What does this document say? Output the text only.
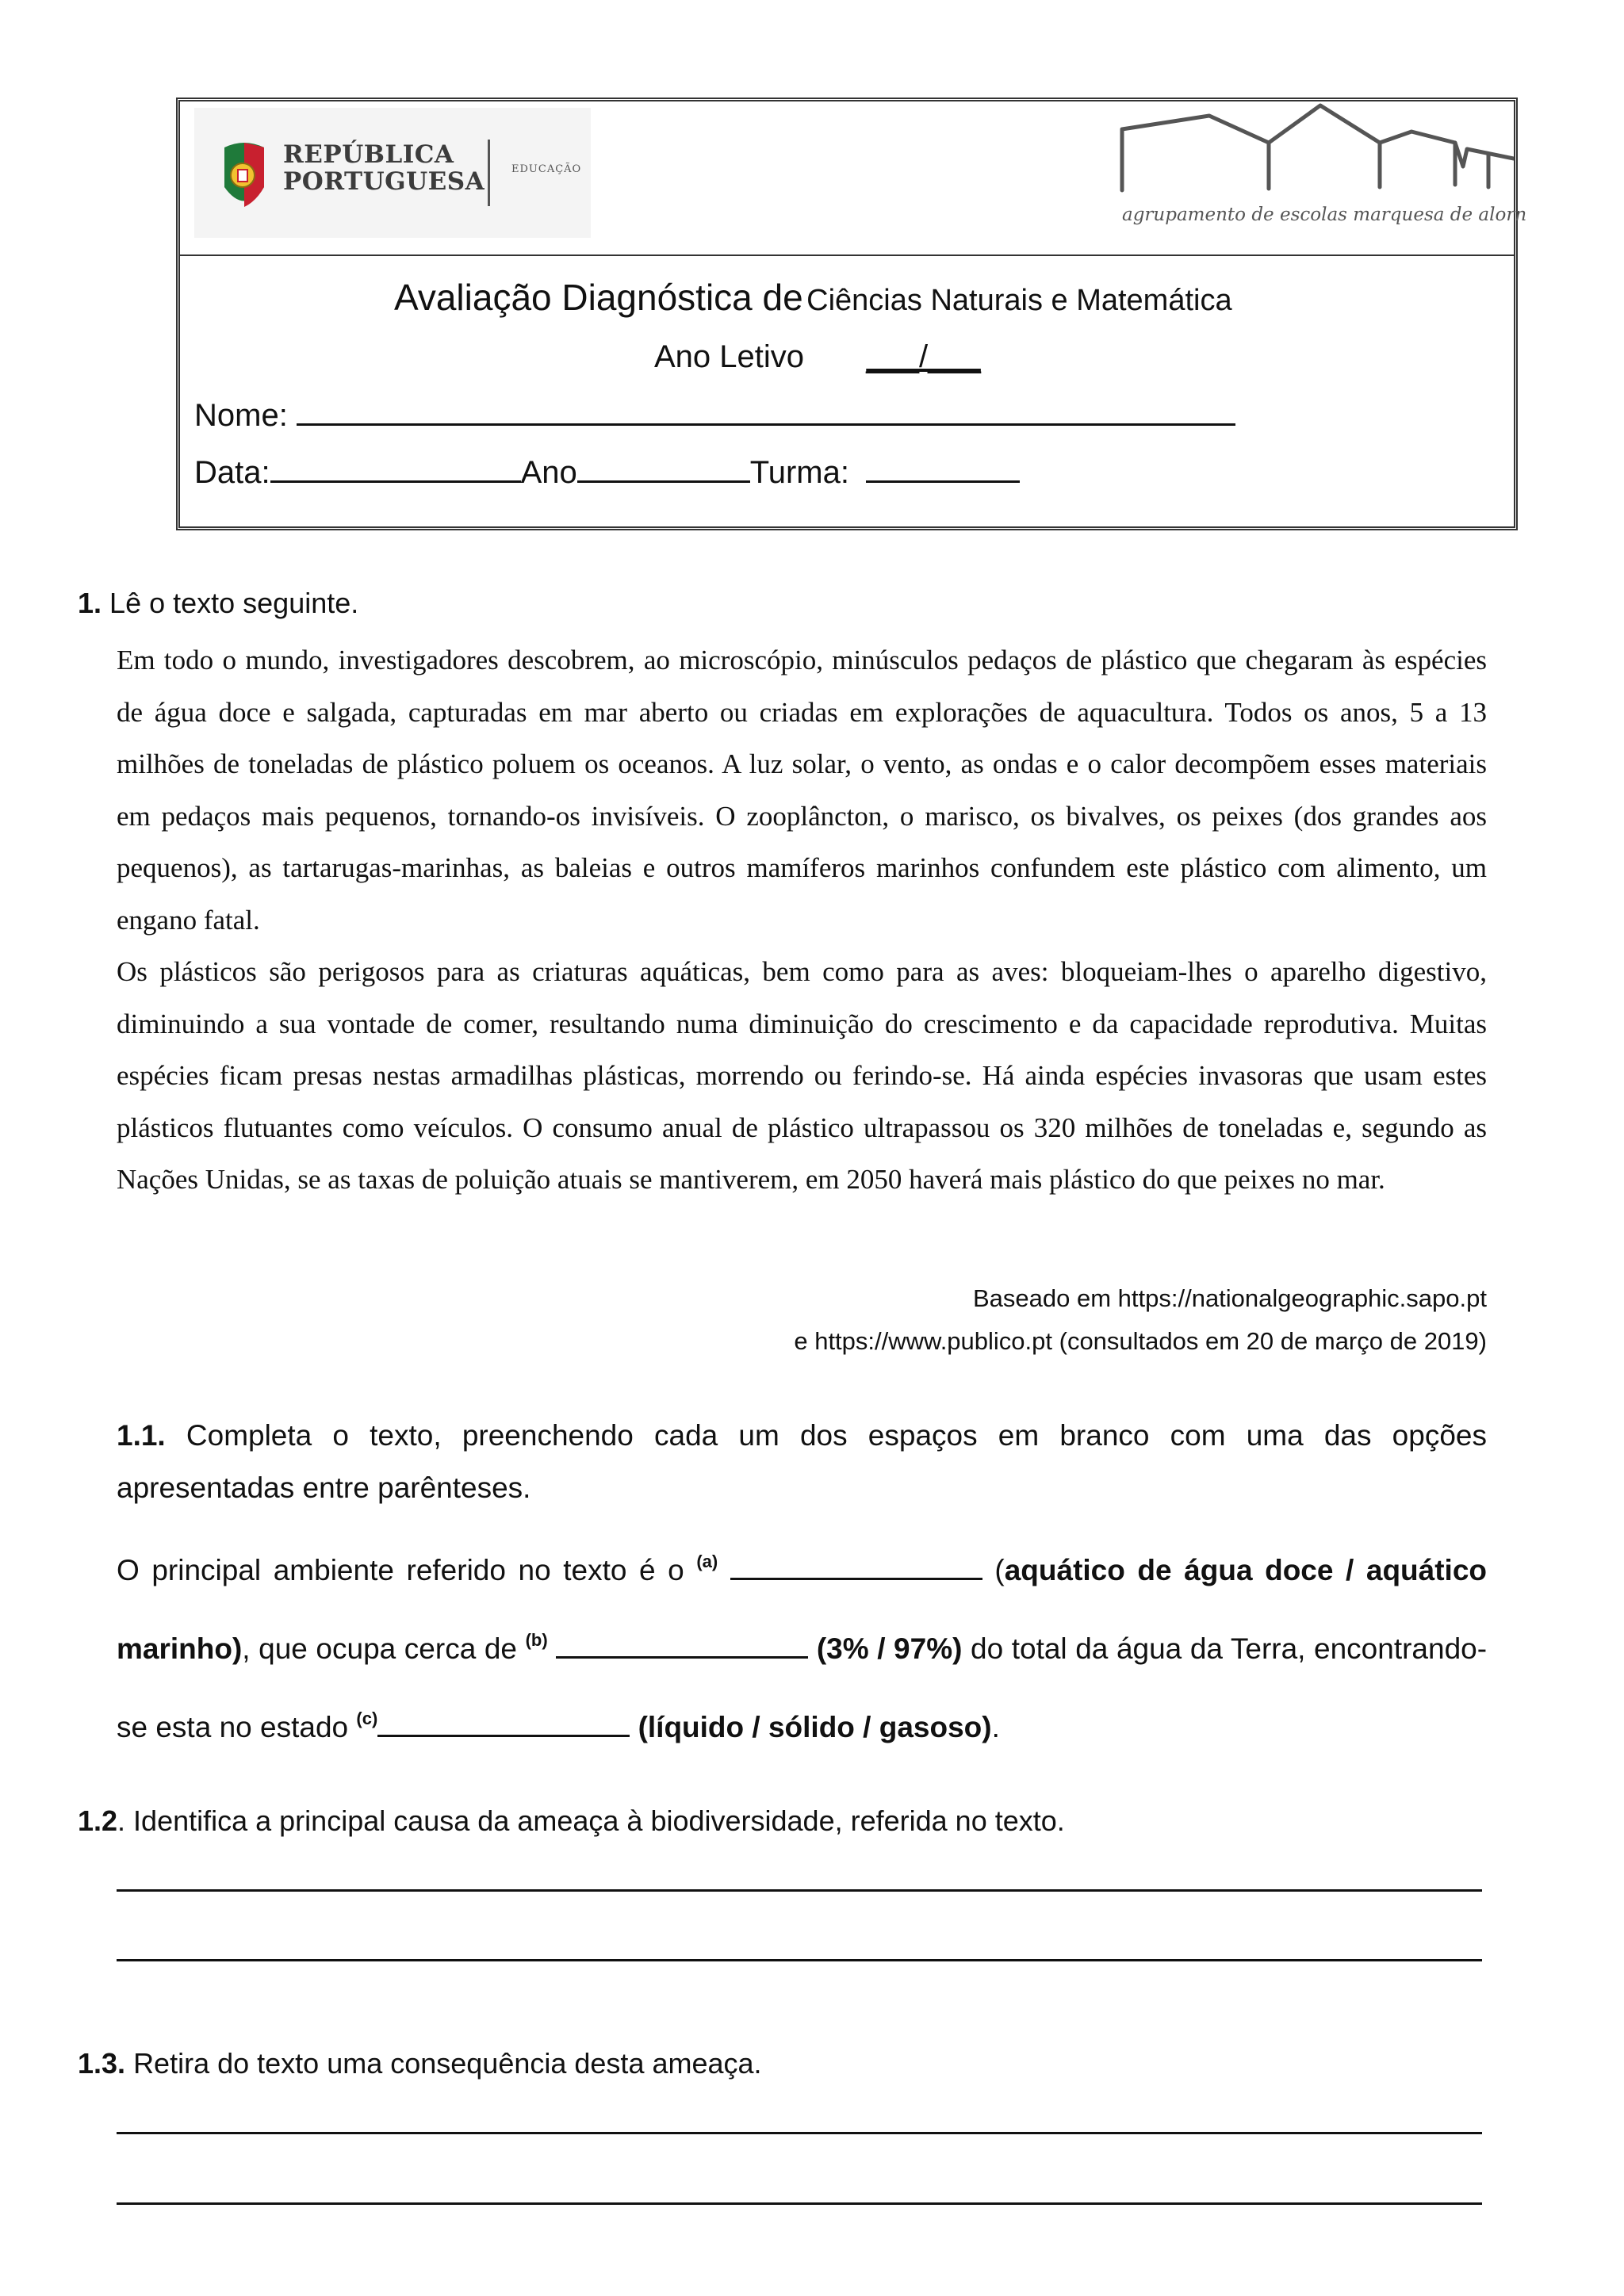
REPÚBLICA
PORTUGUESA	EDUCAÇÃO
agrupamento de escolas marquesa de alorn
Avaliação Diagnóstica de Ciências Naturais e Matemática
Ano Letivo ___/___
Nome:
Data:	Ano	Turma:
1. Lê o texto seguinte.

Em todo o mundo, investigadores descobrem, ao microscópio, minúsculos pedaços de plástico que chegaram às espécies de água doce e salgada, capturadas em mar aberto ou criadas em explorações de aquacultura. Todos os anos, 5 a 13 milhões de toneladas de plástico poluem os oceanos. A luz solar, o vento, as ondas e o calor decompõem esses materiais em pedaços mais pequenos, tornando-os invisíveis. O zooplâncton, o marisco, os bivalves, os peixes (dos grandes aos pequenos), as tartarugas-marinhas, as baleias e outros mamíferos marinhos confundem este plástico com alimento, um engano fatal.

Os plásticos são perigosos para as criaturas aquáticas, bem como para as aves: bloqueiam-lhes o aparelho digestivo, diminuindo a sua vontade de comer, resultando numa diminuição do crescimento e da capacidade reprodutiva. Muitas espécies ficam presas nestas armadilhas plásticas, morrendo ou ferindo-se. Há ainda espécies invasoras que usam estes plásticos flutuantes como veículos. O consumo anual de plástico ultrapassou os 320 milhões de toneladas e, segundo as Nações Unidas, se as taxas de poluição atuais se mantiverem, em 2050 haverá mais plástico do que peixes no mar.

Baseado em https://nationalgeographic.sapo.pt
e https://www.publico.pt (consultados em 20 de março de 2019)

1.1. Completa o texto, preenchendo cada um dos espaços em branco com uma das opções apresentadas entre parênteses.

O principal ambiente referido no texto é o $^{(a)}$	(aquático de água doce / aquático marinho), que ocupa cerca de $^{(b)}$	(3% / 97%) do total da água da Terra, encontrando-se esta no estado $^{(c)}$	(líquido / sólido / gasoso).

1.2. Identifica a principal causa da ameaça à biodiversidade, referida no texto.
1.3. Retira do texto uma consequência desta ameaça.
